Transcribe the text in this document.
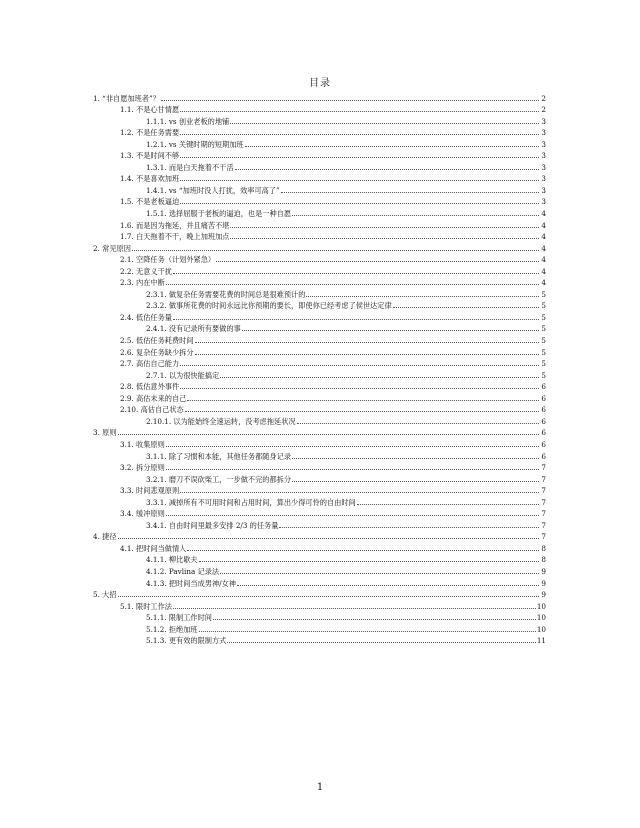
目录
1. “非自愿加班者”？	2
1.1. 不是心甘情愿	2
1.1.1. vs 创业老板的地铺	3
1.2. 不是任务需要	3
1.2.1. vs 关键时期的短期加班	3
1.3. 不是时间不够	3
1.3.1. 而是白天拖着不干活	3
1.4. 不是喜欢加班	3
1.4.1. vs “加班时没人打扰，效率可高了”	3
1.5. 不是老板逼迫	3
1.5.1. 选择屈服于老板的逼迫，也是一种自愿	4
1.6. 而是因为拖延，并且痛苦不堪	4
1.7. 白天拖着不干，晚上加班加点	4
2. 常见原因	4
2.1. 空降任务（计划外紧急）	4
2.2. 无意义干扰	4
2.3. 内在中断	4
2.3.1. 做复杂任务需要花费的时间总是很难预计的	5
2.3.2. 做事所花费的时间永远比你预期的要长，即使你已经考虑了侯世达定律	5
2.4. 低估任务量	5
2.4.1. 没有记录所有要做的事	5
2.5. 低估任务耗费时间	5
2.6. 复杂任务缺少拆分	5
2.7. 高估自己能力	5
2.7.1. 以为很快能搞定	5
2.8. 低估意外事件	6
2.9. 高估未来的自己	6
2.10. 高估自己状态	6
2.10.1. 以为能始终全速运转，没考虑拖延状况	6
3. 原则	6
3.1. 收集原则	6
3.1.1. 除了习惯和本能，其他任务都随身记录	6
3.2. 拆分原则	7
3.2.1. 磨刀不误砍柴工，一步做不完的都拆分	7
3.3. 时间悲观原则	7
3.3.1. 减掉所有不可用时间和占用时间，算出少得可怜的自由时间	7
3.4. 缓冲原则	7
3.4.1. 自由时间里最多安排 2/3 的任务量	7
4. 捷径	7
4.1. 把时间当做情人	8
4.1.1. 柳比歇夫	8
4.1.2. Pavlina 记录法	9
4.1.3. 把时间当成男神/女神	9
5. 大招	9
5.1. 限时工作法	10
5.1.1. 限制工作时间	10
5.1.2. 拒绝加班	10
5.1.3. 更有效的限制方式	11
1
